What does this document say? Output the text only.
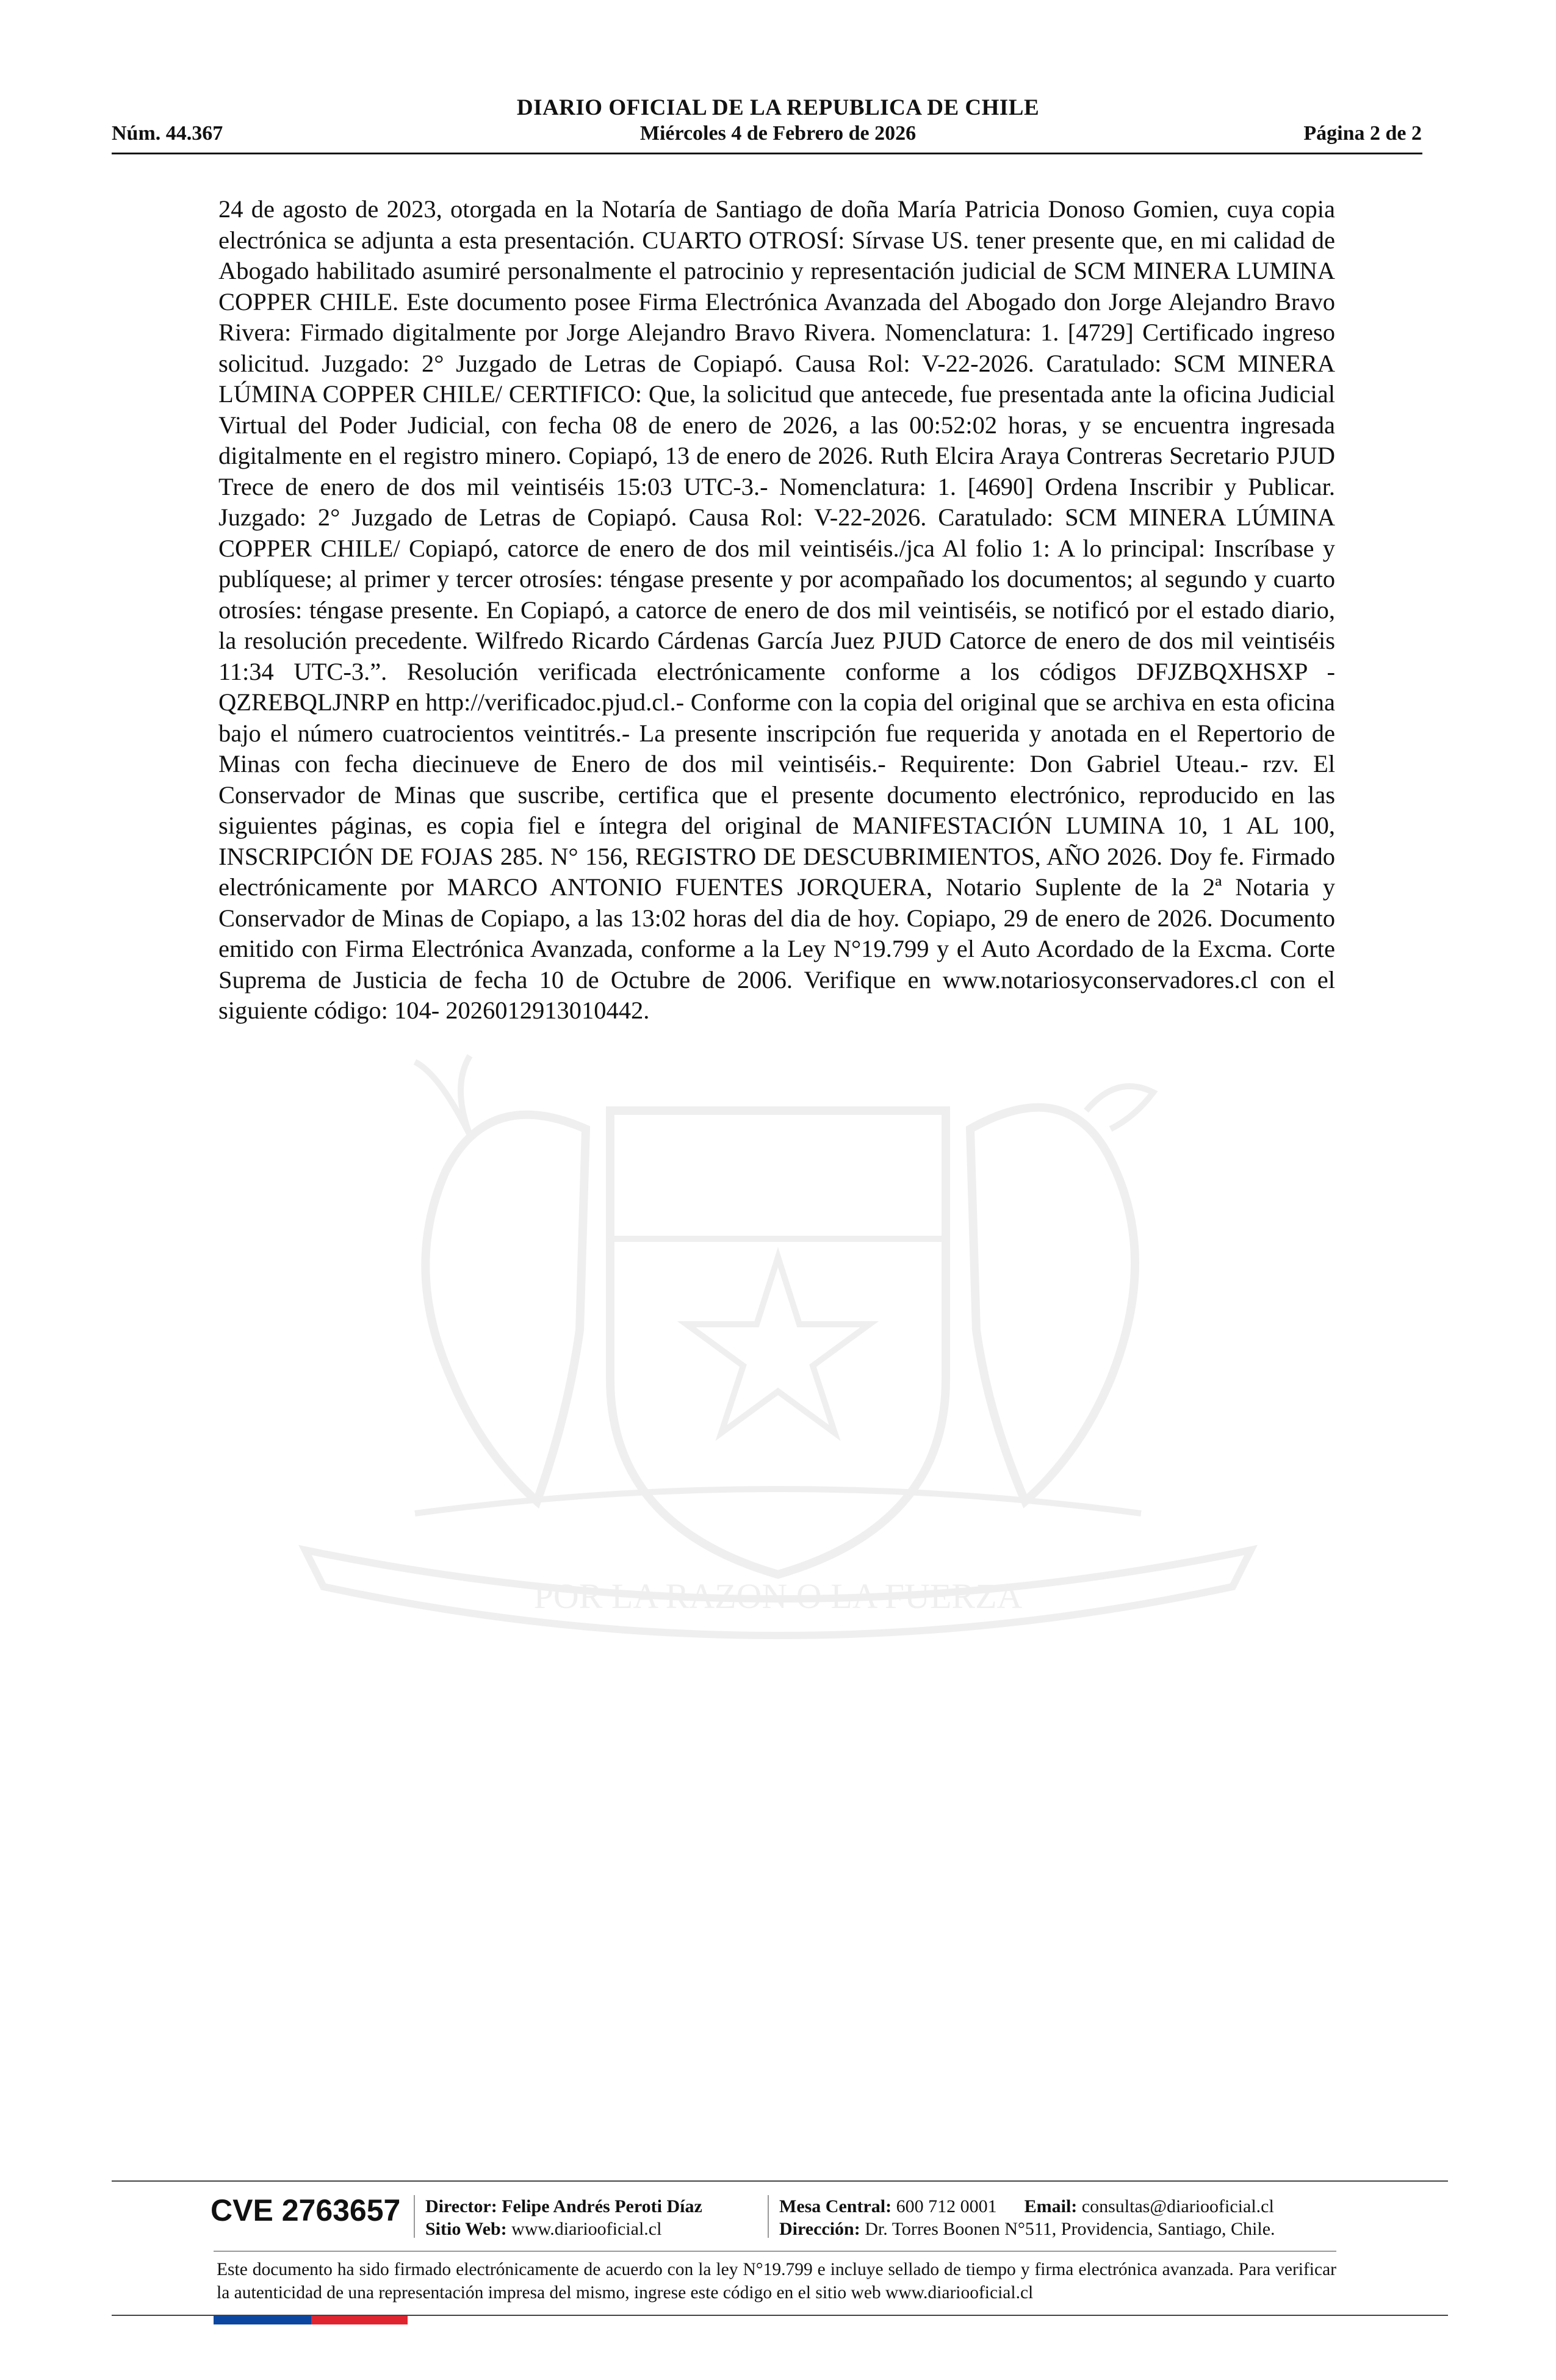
DIARIO OFICIAL DE LA REPUBLICA DE CHILE
Núm. 44.367	Miércoles 4 de Febrero de 2026	Página 2 de 2
POR LA RAZON O LA FUERZA
24 de agosto de 2023, otorgada en la Notaría de Santiago de doña María Patricia Donoso Gomien, cuya copia electrónica se adjunta a esta presentación. CUARTO OTROSÍ: Sírvase US. tener presente que, en mi calidad de Abogado habilitado asumiré personalmente el patrocinio y representación judicial de SCM MINERA LUMINA COPPER CHILE. Este documento posee Firma Electrónica Avanzada del Abogado don Jorge Alejandro Bravo Rivera: Firmado digitalmente por Jorge Alejandro Bravo Rivera. Nomenclatura: 1. [4729] Certificado ingreso solicitud. Juzgado: 2° Juzgado de Letras de Copiapó. Causa Rol: V-22-2026. Caratulado: SCM MINERA LÚMINA COPPER CHILE/ CERTIFICO: Que, la solicitud que antecede, fue presentada ante la oficina Judicial Virtual del Poder Judicial, con fecha 08 de enero de 2026, a las 00:52:02 horas, y se encuentra ingresada digitalmente en el registro minero. Copiapó, 13 de enero de 2026. Ruth Elcira Araya Contreras Secretario PJUD Trece de enero de dos mil veintiséis 15:03 UTC-3.- Nomenclatura: 1. [4690] Ordena Inscribir y Publicar. Juzgado: 2° Juzgado de Letras de Copiapó. Causa Rol: V-22-2026. Caratulado: SCM MINERA LÚMINA COPPER CHILE/ Copiapó, catorce de enero de dos mil veintiséis./jca Al folio 1: A lo principal: Inscríbase y publíquese; al primer y tercer otrosíes: téngase presente y por acompañado los documentos; al segundo y cuarto otrosíes: téngase presente. En Copiapó, a catorce de enero de dos mil veintiséis, se notificó por el estado diario, la resolución precedente. Wilfredo Ricardo Cárdenas García Juez PJUD Catorce de enero de dos mil veintiséis 11:34 UTC-3.”. Resolución verificada electrónicamente conforme a los códigos DFJZBQXHSXP - QZREBQLJNRP en http://verificadoc.pjud.cl.- Conforme con la copia del original que se archiva en esta oficina bajo el número cuatrocientos veintitrés.- La presente inscripción fue requerida y anotada en el Repertorio de Minas con fecha diecinueve de Enero de dos mil veintiséis.- Requirente: Don Gabriel Uteau.- rzv. El Conservador de Minas que suscribe, certifica que el presente documento electrónico, reproducido en las siguientes páginas, es copia fiel e íntegra del original de MANIFESTACIÓN LUMINA 10, 1 AL 100, INSCRIPCIÓN DE FOJAS 285. N° 156, REGISTRO DE DESCUBRIMIENTOS, AÑO 2026. Doy fe. Firmado electrónicamente por MARCO ANTONIO FUENTES JORQUERA, Notario Suplente de la 2ª Notaria y Conservador de Minas de Copiapo, a las 13:02 horas del dia de hoy. Copiapo, 29 de enero de 2026. Documento emitido con Firma Electrónica Avanzada, conforme a la Ley N°19.799 y el Auto Acordado de la Excma. Corte Suprema de Justicia de fecha 10 de Octubre de 2006. Verifique en www.notariosyconservadores.cl con el siguiente código: 104- 2026012913010442.
CVE 2763657 Director: Felipe Andrés Peroti Díaz
Sitio Web: www.diariooficial.cl
Mesa Central: 600 712 0001 Email: consultas@diariooficial.cl
Dirección: Dr. Torres Boonen N°511, Providencia, Santiago, Chile.
Este documento ha sido firmado electrónicamente de acuerdo con la ley N°19.799 e incluye sellado de tiempo y firma electrónica avanzada. Para verificar la autenticidad de una representación impresa del mismo, ingrese este código en el sitio web www.diariooficial.cl
